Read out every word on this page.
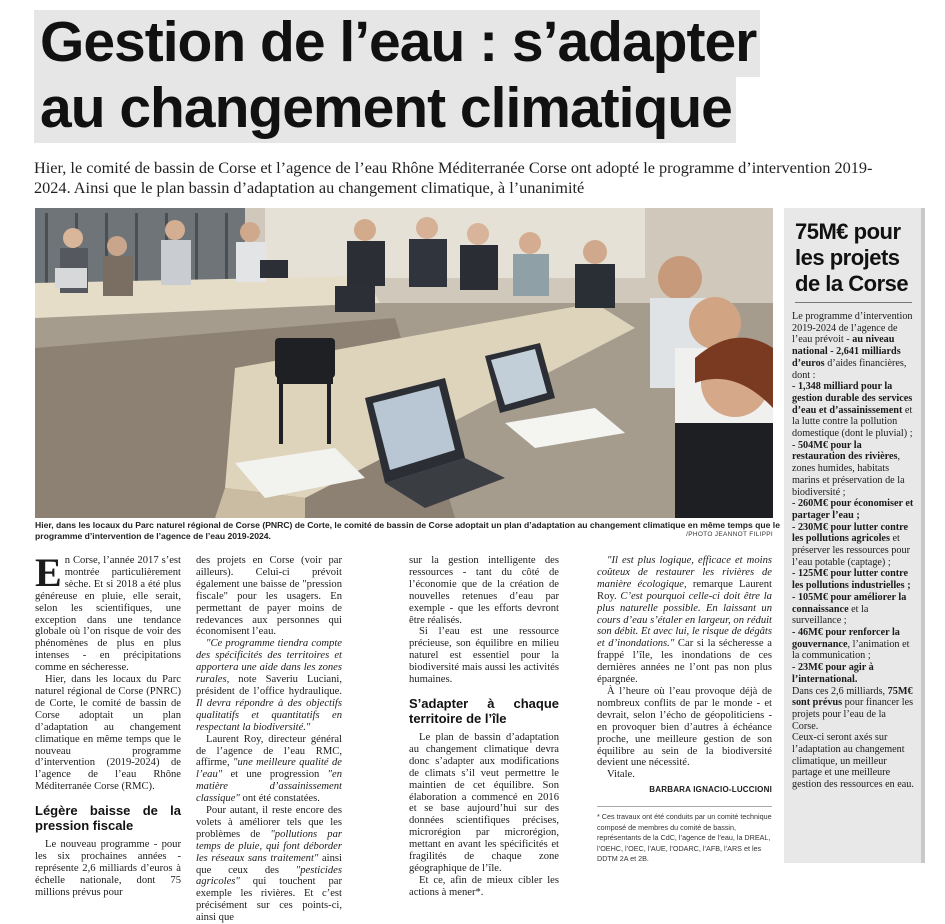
Gestion de l’eau : s’adapter
au changement climatique
Hier, le comité de bassin de Corse et l’agence de l’eau Rhône Méditerranée Corse ont adopté le programme d’intervention 2019-2024. Ainsi que le plan bassin d’adaptation au changement climatique, à l’unanimité
Hier, dans les locaux du Parc naturel régional de Corse (PNRC) de Corte, le comité de bassin de Corse adoptait un plan d’adaptation au changement climatique en même temps que le programme d’intervention de l’agence de l’eau 2019-2024.	/PHOTO JEANNOT FILIPPI

En Corse, l’année 2017 s’est montrée particulièrement sèche. Et si 2018 a été plus généreuse en pluie, elle serait, selon les scientifiques, une exception dans une tendance globale où l’on risque de voir des phénomènes de plus en plus intenses - en précipitations comme en sécheresse.

Hier, dans les locaux du Parc naturel régional de Corse (PNRC) de Corte, le comité de bassin de Corse adoptait un plan d’adaptation au changement climatique en même temps que le nouveau programme d’intervention (2019-2024) de l’agence de l’eau Rhône Méditerranée Corse (RMC).

Légère baisse de la pression fiscale

Le nouveau programme - pour les six prochaines années - représente 2,6 milliards d’euros à échelle nationale, dont 75 millions prévus pour

des projets en Corse (voir par ailleurs). Celui-ci prévoit également une baisse de "pression fiscale" pour les usagers. En permettant de payer moins de redevances aux personnes qui économisent l’eau.

"Ce programme tiendra compte des spécificités des territoires et apportera une aide dans les zones rurales, note Saveriu Luciani, président de l’office hydraulique. Il devra répondre à des objectifs qualitatifs et quantitatifs en respectant la biodiversité."

Laurent Roy, directeur général de l’agence de l’eau RMC, affirme, "une meilleure qualité de l’eau" et une progression "en matière d’assainissement classique" ont été constatées.

Pour autant, il reste encore des volets à améliorer tels que les problèmes de "pollutions par temps de pluie, qui font déborder les réseaux sans traitement" ainsi que ceux des "pesticides agricoles" qui touchent par exemple les rivières. Et c’est précisément sur ces points-ci, ainsi que

sur la gestion intelligente des ressources - tant du côté de l’économie que de la création de nouvelles retenues d’eau par exemple - que les efforts devront être réalisés.

Si l’eau est une ressource précieuse, son équilibre en milieu naturel est essentiel pour la biodiversité mais aussi les activités humaines.

S’adapter à chaque territoire de l’île

Le plan de bassin d’adaptation au changement climatique devra donc s’adapter aux modifications de climats s’il veut permettre le maintien de cet équilibre. Son élaboration a commencé en 2016 et se base aujourd’hui sur des données scientifiques précises, microrégion par microrégion, mettant en avant les spécificités et fragilités de chaque zone géographique de l’île.

Et ce, afin de mieux cibler les actions à mener*.

"Il est plus logique, efficace et moins coûteux de restaurer les rivières de manière écologique, remarque Laurent Roy. C’est pourquoi celle-ci doit être la plus naturelle possible. En laissant un cours d’eau s’étaler en largeur, on réduit son débit. Et avec lui, le risque de dégâts et d’inondations." Car si la sécheresse a frappé l’île, les inondations de ces dernières années ne l’ont pas non plus épargnée.

À l’heure où l’eau provoque déjà de nombreux conflits de par le monde - et devrait, selon l’écho de géopoliticiens - en provoquer bien d’autres à échéance proche, une meilleure gestion de son équilibre au sein de la biodiversité devient une nécessité.

Vitale.

BARBARA IGNACIO-LUCCIONI
* Ces travaux ont été conduits par un comité technique composé de membres du comité de bassin, représentants de la CdC, l’agence de l’eau, la DREAL, l’OEHC, l’OEC, l’AUE, l’ODARC, l’AFB, l’ARS et les DDTM 2A et 2B.
75M€ pour les projets de la Corse

Le programme d’intervention 2019-2024 de l’agence de l’eau prévoit - au niveau national - 2,641 milliards d’euros d’aides financières, dont :

- 1,348 milliard pour la gestion durable des services d’eau et d’assainissement et la lutte contre la pollution domestique (dont le pluvial) ;

- 504M€ pour la restauration des rivières, zones humides, habitats marins et préservation de la biodiversité ;

- 260M€ pour économiser et partager l’eau ;

- 230M€ pour lutter contre les pollutions agricoles et préserver les ressources pour l’eau potable (captage) ;

- 125M€ pour lutter contre les pollutions industrielles ;

- 105M€ pour améliorer la connaissance et la surveillance ;

- 46M€ pour renforcer la gouvernance, l’animation et la communication ;

- 23M€ pour agir à l’international.

Dans ces 2,6 milliards, 75M€ sont prévus pour financer les projets pour l’eau de la Corse.

Ceux-ci seront axés sur l’adaptation au changement climatique, un meilleur partage et une meilleure gestion des ressources en eau.
